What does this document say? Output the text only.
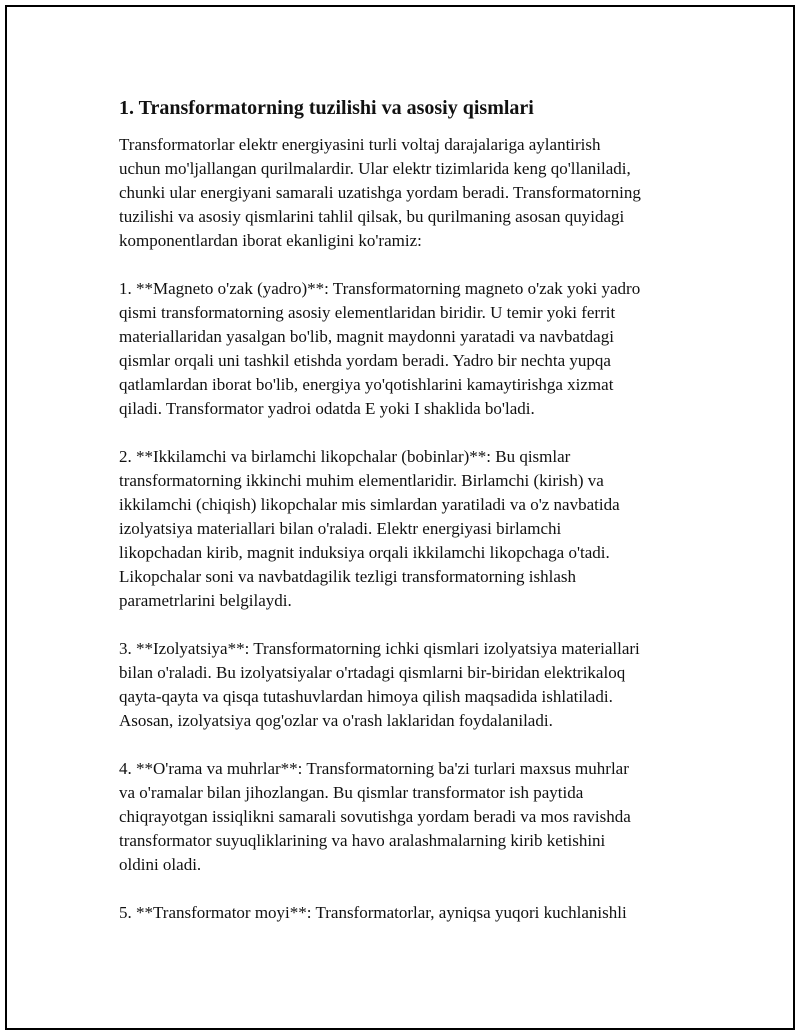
1. Transformatorning tuzilishi va asosiy qismlari
Transformatorlar elektr energiyasini turli voltaj darajalariga aylantirish
uchun mo'ljallangan qurilmalardir. Ular elektr tizimlarida keng qo'llaniladi,
chunki ular energiyani samarali uzatishga yordam beradi. Transformatorning
tuzilishi va asosiy qismlarini tahlil qilsak, bu qurilmaning asosan quyidagi
komponentlardan iborat ekanligini ko'ramiz:
1. **Magneto o'zak (yadro)**: Transformatorning magneto o'zak yoki yadro
qismi transformatorning asosiy elementlaridan biridir. U temir yoki ferrit
materiallaridan yasalgan bo'lib, magnit maydonni yaratadi va navbatdagi
qismlar orqali uni tashkil etishda yordam beradi. Yadro bir nechta yupqa
qatlamlardan iborat bo'lib, energiya yo'qotishlarini kamaytirishga xizmat
qiladi. Transformator yadroi odatda E yoki I shaklida bo'ladi.
2. **Ikkilamchi va birlamchi likopchalar (bobinlar)**: Bu qismlar
transformatorning ikkinchi muhim elementlaridir. Birlamchi (kirish) va
ikkilamchi (chiqish) likopchalar mis simlardan yaratiladi va o'z navbatida
izolyatsiya materiallari bilan o'raladi. Elektr energiyasi birlamchi
likopchadan kirib, magnit induksiya orqali ikkilamchi likopchaga o'tadi.
Likopchalar soni va navbatdagilik tezligi transformatorning ishlash
parametrlarini belgilaydi.
3. **Izolyatsiya**: Transformatorning ichki qismlari izolyatsiya materiallari
bilan o'raladi. Bu izolyatsiyalar o'rtadagi qismlarni bir-biridan elektrikaloq
qayta-qayta va qisqa tutashuvlardan himoya qilish maqsadida ishlatiladi.
Asosan, izolyatsiya qog'ozlar va o'rash laklaridan foydalaniladi.
4. **O'rama va muhrlar**: Transformatorning ba'zi turlari maxsus muhrlar
va o'ramalar bilan jihozlangan. Bu qismlar transformator ish paytida
chiqrayotgan issiqlikni samarali sovutishga yordam beradi va mos ravishda
transformator suyuqliklarining va havo aralashmalarning kirib ketishini
oldini oladi.
5. **Transformator moyi**: Transformatorlar, ayniqsa yuqori kuchlanishli
